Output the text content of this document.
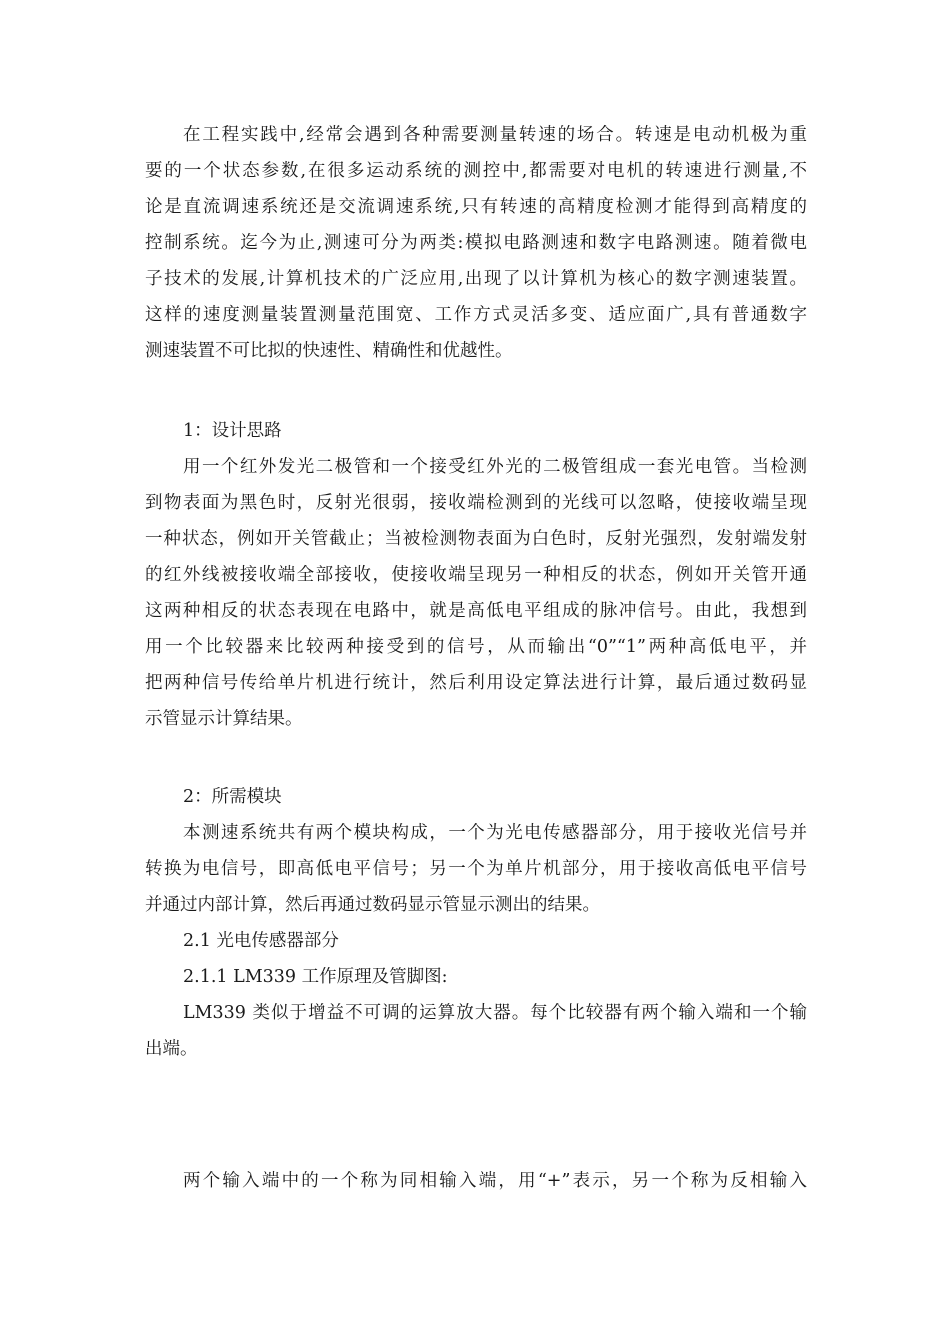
在工程实践中,经常会遇到各种需要测量转速的场合。转速是电动机极为重
要的一个状态参数,在很多运动系统的测控中,都需要对电机的转速进行测量,不
论是直流调速系统还是交流调速系统,只有转速的高精度检测才能得到高精度的
控制系统。迄今为止,测速可分为两类:模拟电路测速和数字电路测速。随着微电
子技术的发展,计算机技术的广泛应用,出现了以计算机为核心的数字测速装置。
这样的速度测量装置测量范围宽、工作方式灵活多变、适应面广,具有普通数字
测速装置不可比拟的快速性、精确性和优越性。
1：设计思路
用一个红外发光二极管和一个接受红外光的二极管组成一套光电管。当检测
到物表面为黑色时，反射光很弱，接收端检测到的光线可以忽略，使接收端呈现
一种状态，例如开关管截止；当被检测物表面为白色时，反射光强烈，发射端发射
的红外线被接收端全部接收，使接收端呈现另一种相反的状态，例如开关管开通
这两种相反的状态表现在电路中，就是高低电平组成的脉冲信号。由此，我想到
用一个比较器来比较两种接受到的信号，从而输出“0”“1”两种高低电平，并
把两种信号传给单片机进行统计，然后利用设定算法进行计算，最后通过数码显
示管显示计算结果。
2：所需模块
本测速系统共有两个模块构成，一个为光电传感器部分，用于接收光信号并
转换为电信号，即高低电平信号；另一个为单片机部分，用于接收高低电平信号
并通过内部计算，然后再通过数码显示管显示测出的结果。
2.1 光电传感器部分
2.1.1 LM339 工作原理及管脚图:
LM339 类似于增益不可调的运算放大器。每个比较器有两个输入端和一个输
出端。
两个输入端中的一个称为同相输入端，用“+”表示，另一个称为反相输入
